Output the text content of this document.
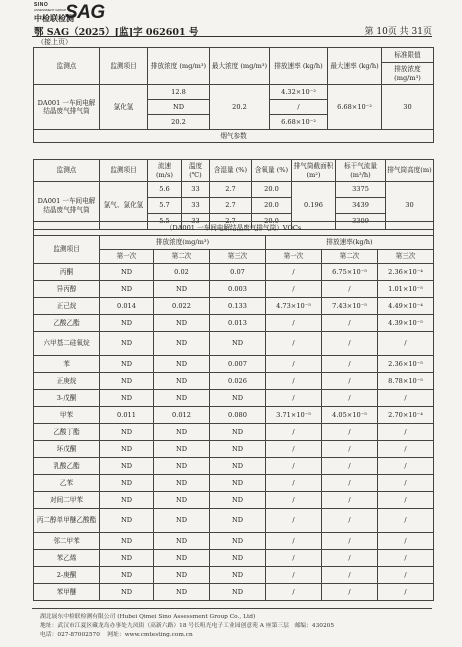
SINO
ASSESSMENT GROUP
中检联检测
SAG
鄂 SAG（2025）[监]字 062601 号	第 10页 共 31页
（接上页）
监测点	监测项目	排放浓度 (mg/m³)	最大浓度 (mg/m³)	排放速率 (kg/h)	最大速率 (kg/h)	标准限值
						排放浓度 (mg/m³)
DA001 一车间电解结晶废气排气筒	氯化氢	12.8	20.2	4.32×10⁻²	6.68×10⁻²	30
		ND		/		
		20.2		6.68×10⁻²		
烟气参数						
监测点	监测项目	流速 (m/s)	温度 (℃)	含湿量 (%)	含氧量 (%)	排气筒截面积(m²)	标干气流量(m³/h)	排气筒高度(m)
DA001 一车间电解结晶废气排气筒	氯气、氯化氢	5.6	33	2.7	20.0	0.196	3375	30
		5.7	33	2.7	20.0		3439	
		5.5	33	2.7	20.0		3309	
（DA001 一车间电解结晶废气排气筒）VOCs						
监测项目	排放浓度(mg/m³)			排放速率(kg/h)		
	第一次	第二次	第三次	第一次	第二次	第三次
丙酮	ND	0.02	0.07	/	6.75×10⁻⁵	2.36×10⁻⁴
异丙醇	ND	ND	0.003	/	/	1.01×10⁻⁵
正己烷	0.014	0.022	0.133	4.73×10⁻⁵	7.43×10⁻⁵	4.49×10⁻⁴
乙酸乙酯	ND	ND	0.013	/	/	4.39×10⁻⁵
六甲基二硅氧烷	ND	ND	ND	/	/	/
苯	ND	ND	0.007	/	/	2.36×10⁻⁵
正庚烷	ND	ND	0.026	/	/	8.78×10⁻⁵
3-戊酮	ND	ND	ND	/	/	/
甲苯	0.011	0.012	0.080	3.71×10⁻⁵	4.05×10⁻⁵	2.70×10⁻⁴
乙酸丁酯	ND	ND	ND	/	/	/
环戊酮	ND	ND	ND	/	/	/
乳酸乙酯	ND	ND	ND	/	/	/
乙苯	ND	ND	ND	/	/	/
对间二甲苯	ND	ND	ND	/	/	/
丙二醇单甲醚乙酸酯	ND	ND	ND	/	/	/
邻二甲苯	ND	ND	ND	/	/	/
苯乙烯	ND	ND	ND	/	/	/
2-庚酮	ND	ND	ND	/	/	/
苯甲醚	ND	ND	ND	/	/	/
湖北展东中检联检测有限公司 (Hubei Qimei Sino Assessment Group Co., Ltd)
地址：武汉市江夏区藏龙岛办事处九凤街（高新六路）18 号长咀光电子工业园创意苑 A 座第三层 邮编：430205
电话：027-87002570 网址：www.cmtesting.com.cn
